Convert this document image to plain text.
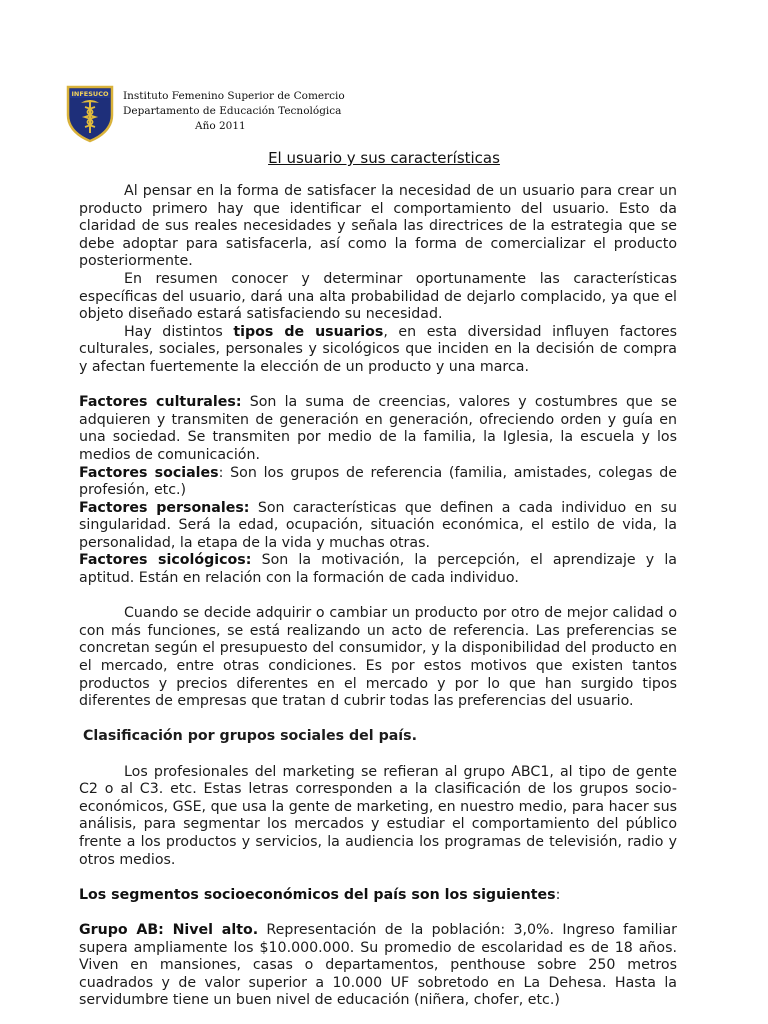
INFESUCO Instituto Femenino Superior de Comercio
Departamento de Educación Tecnológica
Año 2011
El usuario y sus características

Al pensar en la forma de satisfacer la necesidad de un usuario para crear un producto primero hay que identificar el comportamiento del usuario. Esto da claridad de sus reales necesidades y señala las directrices de la estrategia que se debe adoptar para satisfacerla, así como la forma de comercializar el producto posteriormente.

En resumen conocer y determinar oportunamente las características específicas del usuario, dará una alta probabilidad de dejarlo complacido, ya que el objeto diseñado estará satisfaciendo su necesidad.

Hay distintos tipos de usuarios, en esta diversidad influyen factores culturales, sociales, personales y sicológicos que inciden en la decisión de compra y afectan fuertemente la elección de un producto y una marca.

Factores culturales: Son la suma de creencias, valores y costumbres que se adquieren y transmiten de generación en generación, ofreciendo orden y guía en una sociedad. Se transmiten por medio de la familia, la Iglesia, la escuela y los medios de comunicación.

Factores sociales: Son los grupos de referencia (familia, amistades, colegas de profesión, etc.)

Factores personales: Son características que definen a cada individuo en su singularidad. Será la edad, ocupación, situación económica, el estilo de vida, la personalidad, la etapa de la vida y muchas otras.

Factores sicológicos: Son la motivación, la percepción, el aprendizaje y la aptitud. Están en relación con la formación de cada individuo.

Cuando se decide adquirir o cambiar un producto por otro de mejor calidad o con más funciones, se está realizando un acto de referencia. Las preferencias se concretan según el presupuesto del consumidor, y la disponibilidad del producto en el mercado, entre otras condiciones. Es por estos motivos que existen tantos productos y precios diferentes en el mercado y por lo que han surgido tipos diferentes de empresas que tratan d cubrir todas las preferencias del usuario.

Clasificación por grupos sociales del país.

Los profesionales del marketing se refieran al grupo ABC1, al tipo de gente C2 o al C3. etc. Estas letras corresponden a la clasificación de los grupos socio-económicos, GSE, que usa la gente de marketing, en nuestro medio, para hacer sus análisis, para segmentar los mercados y estudiar el comportamiento del público frente a los productos y servicios, la audiencia los programas de televisión, radio y otros medios.

Los segmentos socioeconómicos del país son los siguientes:

Grupo AB: Nivel alto. Representación de la población: 3,0%. Ingreso familiar supera ampliamente los $10.000.000. Su promedio de escolaridad es de 18 años. Viven en mansiones, casas o departamentos, penthouse sobre 250 metros cuadrados y de valor superior a 10.000 UF sobretodo en La Dehesa. Hasta la servidumbre tiene un buen nivel de educación (niñera, chofer, etc.)
